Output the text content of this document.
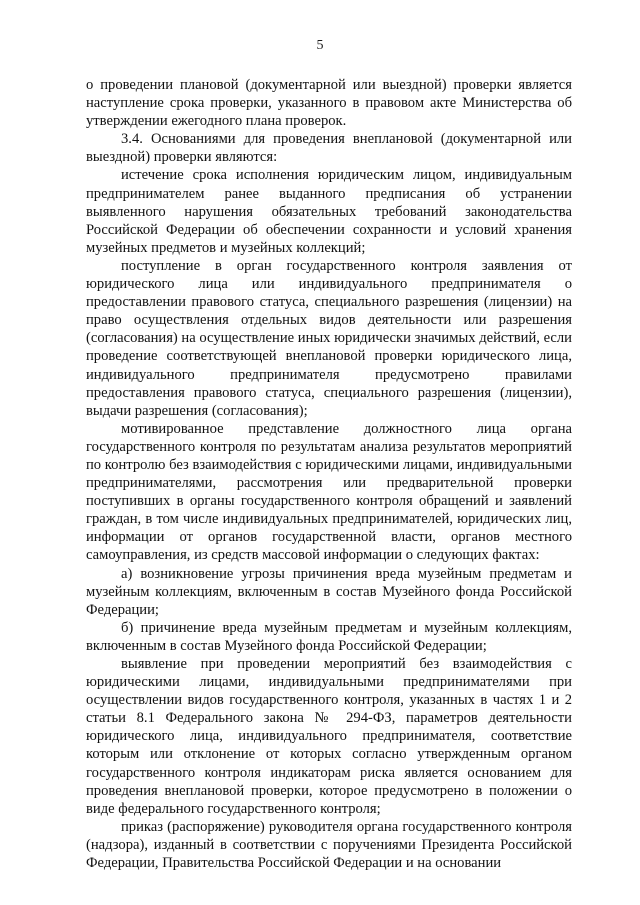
5

о проведении плановой (документарной или выездной) проверки является наступление срока проверки, указанного в правовом акте Министерства об утверждении ежегодного плана проверок.

3.4. Основаниями для проведения внеплановой (документарной или выездной) проверки являются:

истечение срока исполнения юридическим лицом, индивидуальным предпринимателем ранее выданного предписания об устранении выявленного нарушения обязательных требований законодательства Российской Федерации об обеспечении сохранности и условий хранения музейных предметов и музейных коллекций;

поступление в орган государственного контроля заявления от юридического лица или индивидуального предпринимателя о предоставлении правового статуса, специального разрешения (лицензии) на право осуществления отдельных видов деятельности или разрешения (согласования) на осуществление иных юридически значимых действий, если проведение соответствующей внеплановой проверки юридического лица, индивидуального предпринимателя предусмотрено правилами предоставления правового статуса, специального разрешения (лицензии), выдачи разрешения (согласования);

мотивированное представление должностного лица органа государственного контроля по результатам анализа результатов мероприятий по контролю без взаимодействия с юридическими лицами, индивидуальными предпринимателями, рассмотрения или предварительной проверки поступивших в органы государственного контроля обращений и заявлений граждан, в том числе индивидуальных предпринимателей, юридических лиц, информации от органов государственной власти, органов местного самоуправления, из средств массовой информации о следующих фактах:

а) возникновение угрозы причинения вреда музейным предметам и музейным коллекциям, включенным в состав Музейного фонда Российской Федерации;

б) причинение вреда музейным предметам и музейным коллекциям, включенным в состав Музейного фонда Российской Федерации;

выявление при проведении мероприятий без взаимодействия с юридическими лицами, индивидуальными предпринимателями при осуществлении видов государственного контроля, указанных в частях 1 и 2 статьи 8.1 Федерального закона № 294-ФЗ, параметров деятельности юридического лица, индивидуального предпринимателя, соответствие которым или отклонение от которых согласно утвержденным органом государственного контроля индикаторам риска является основанием для проведения внеплановой проверки, которое предусмотрено в положении о виде федерального государственного контроля;

приказ (распоряжение) руководителя органа государственного контроля (надзора), изданный в соответствии с поручениями Президента Российской Федерации, Правительства Российской Федерации и на основании
